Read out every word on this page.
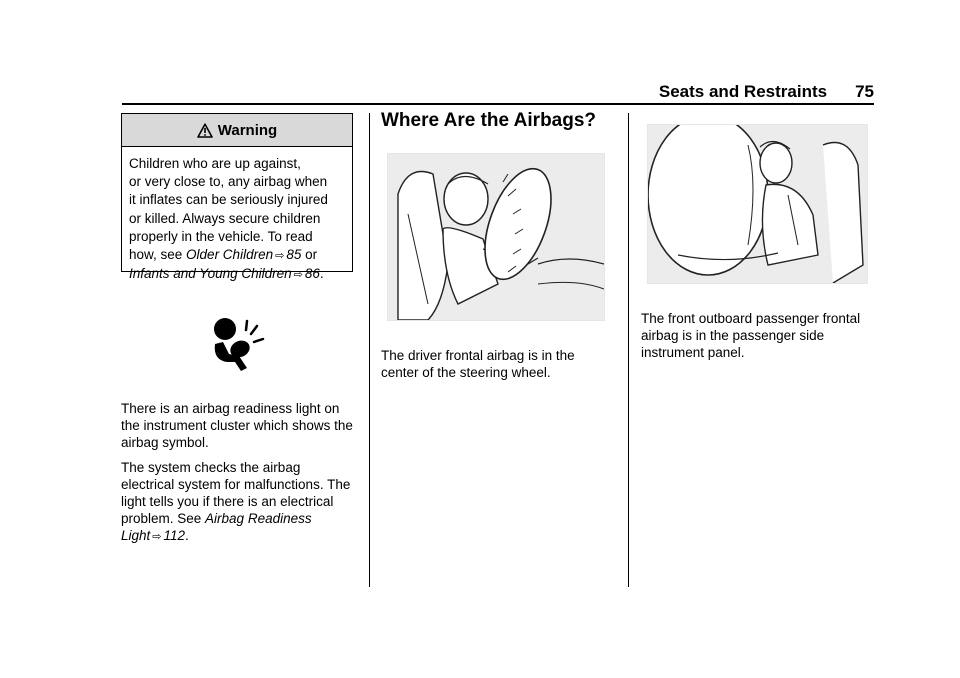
Seats and Restraints 75
Warning

Children who are up against,

or very close to, any airbag when

it inflates can be seriously injured

or killed. Always secure children

properly in the vehicle. To read

how, see Older Children ⇨ 85 or

Infants and Young Children ⇨ 86.

There is an airbag readiness light on the instrument cluster which shows the airbag symbol.

The system checks the airbag electrical system for malfunctions. The light tells you if there is an electrical problem. See Airbag Readiness Light ⇨ 112.

Where Are the Airbags?

The driver frontal airbag is in the center of the steering wheel.

The front outboard passenger frontal airbag is in the passenger side instrument panel.
